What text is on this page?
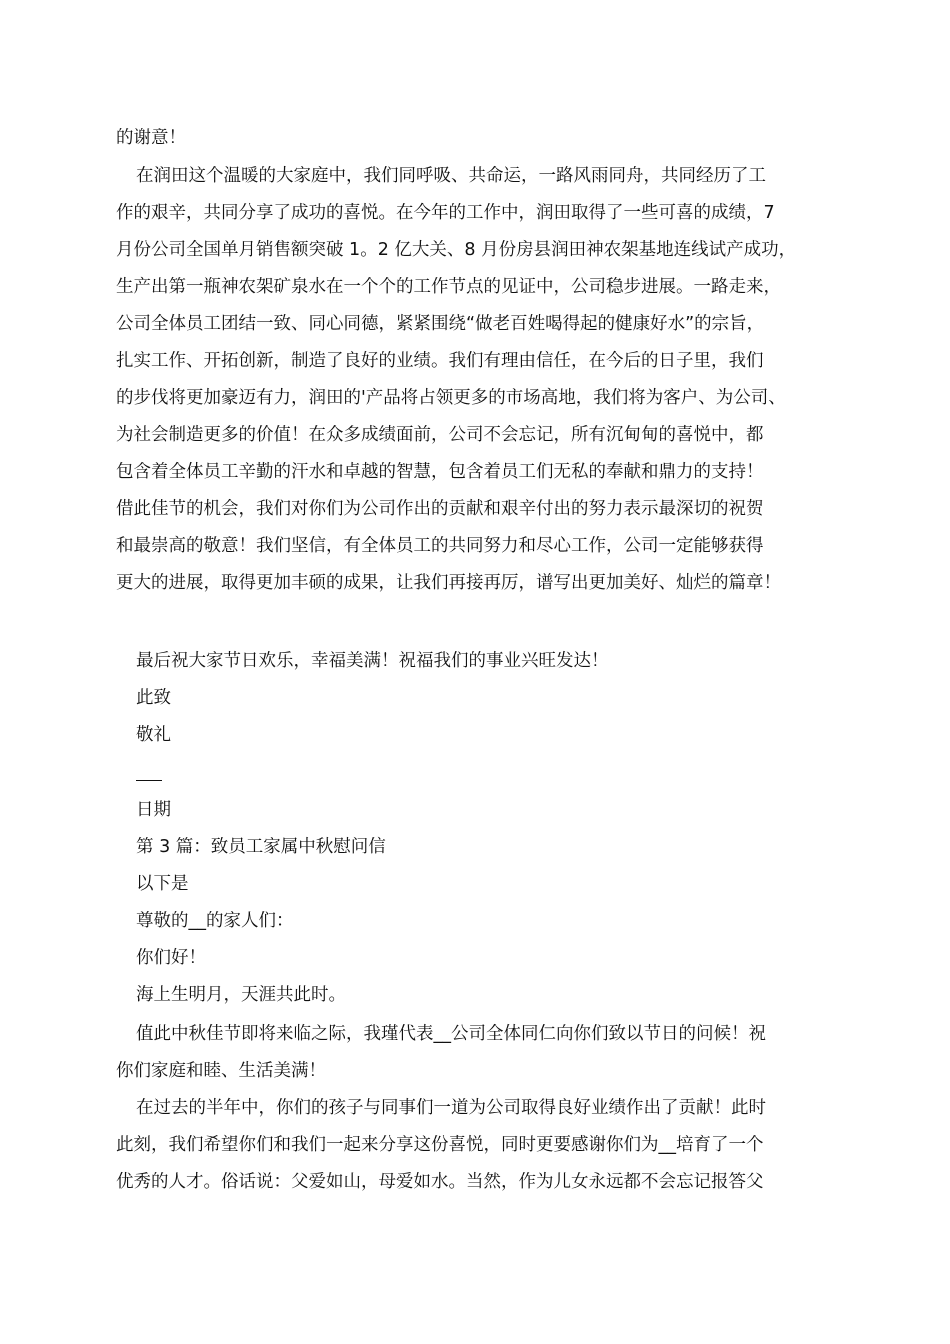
的谢意！
在润田这个温暖的大家庭中，我们同呼吸、共命运，一路风雨同舟，共同经历了工
作的艰辛，共同分享了成功的喜悦。在今年的工作中，润田取得了一些可喜的成绩，7
月份公司全国单月销售额突破 1。2 亿大关、8 月份房县润田神农架基地连线试产成功，
生产出第一瓶神农架矿泉水在一个个的工作节点的见证中，公司稳步进展。一路走来，
公司全体员工团结一致、同心同德，紧紧围绕“做老百姓喝得起的健康好水”的宗旨，
扎实工作、开拓创新，制造了良好的业绩。我们有理由信任，在今后的日子里，我们
的步伐将更加豪迈有力，润田的'产品将占领更多的市场高地，我们将为客户、为公司、
为社会制造更多的价值！在众多成绩面前，公司不会忘记，所有沉甸甸的喜悦中，都
包含着全体员工辛勤的汗水和卓越的智慧，包含着员工们无私的奉献和鼎力的支持！
借此佳节的机会，我们对你们为公司作出的贡献和艰辛付出的努力表示最深切的祝贺
和最崇高的敬意！我们坚信，有全体员工的共同努力和尽心工作，公司一定能够获得
更大的进展，取得更加丰硕的成果，让我们再接再厉，谱写出更加美好、灿烂的篇章！
最后祝大家节日欢乐，幸福美满！祝福我们的事业兴旺发达！
此致
敬礼
日期
第 3 篇：致员工家属中秋慰问信
以下是
尊敬的__的家人们：
你们好！
海上生明月，天涯共此时。
值此中秋佳节即将来临之际，我瑾代表__公司全体同仁向你们致以节日的问候！祝
你们家庭和睦、生活美满！
在过去的半年中，你们的孩子与同事们一道为公司取得良好业绩作出了贡献！此时
此刻，我们希望你们和我们一起来分享这份喜悦，同时更要感谢你们为__培育了一个
优秀的人才。俗话说：父爱如山，母爱如水。当然，作为儿女永远都不会忘记报答父
